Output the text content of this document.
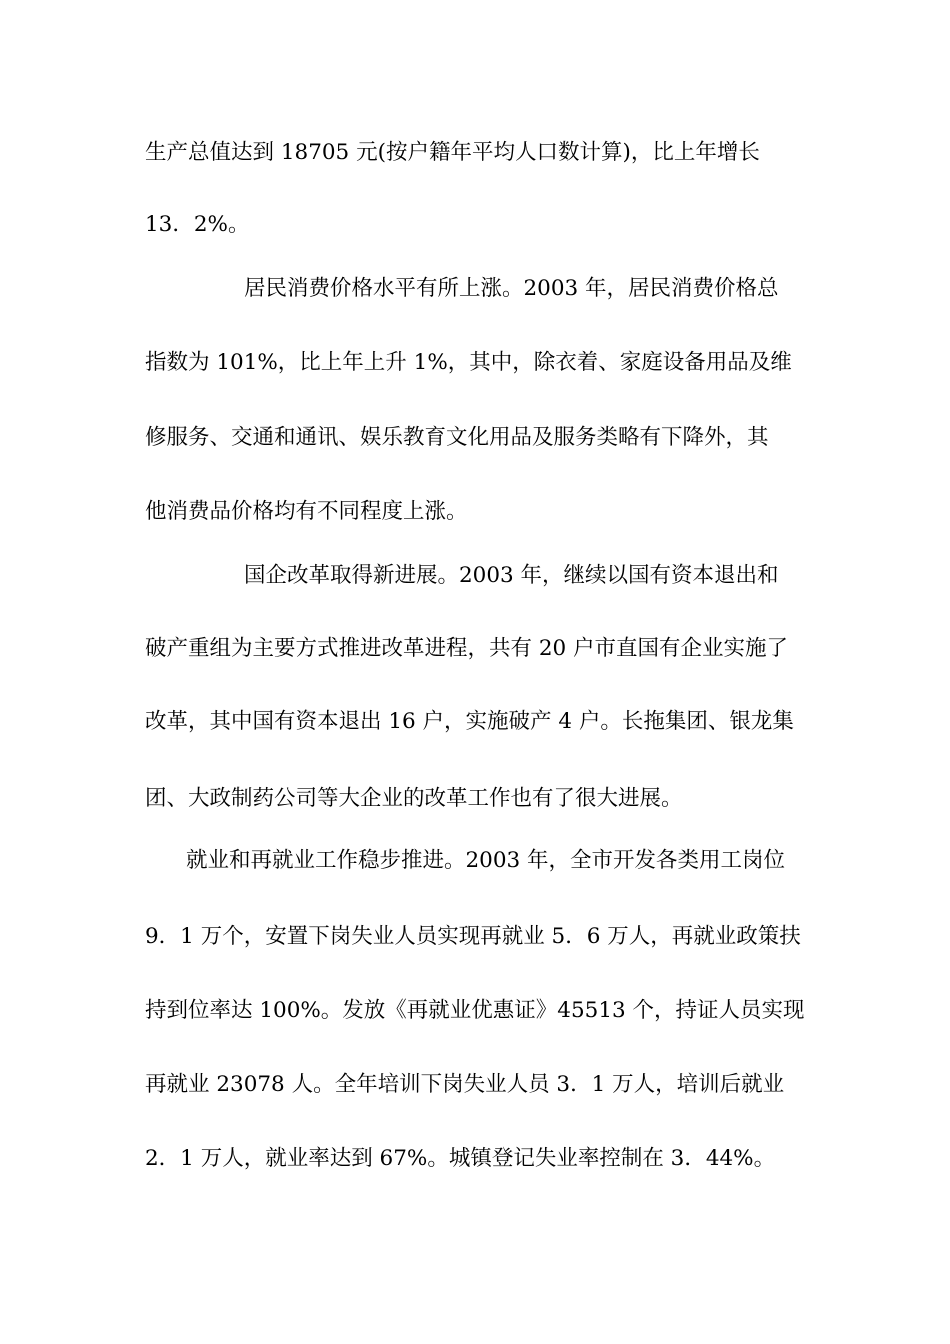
生产总值达到 18705 元(按户籍年平均人口数计算)，比上年增长
13．2%。
居民消费价格水平有所上涨。2003 年，居民消费价格总
指数为 101%，比上年上升 1%，其中，除衣着、家庭设备用品及维
修服务、交通和通讯、娱乐教育文化用品及服务类略有下降外，其
他消费品价格均有不同程度上涨。
国企改革取得新进展。2003 年，继续以国有资本退出和
破产重组为主要方式推进改革进程，共有 20 户市直国有企业实施了
改革，其中国有资本退出 16 户，实施破产 4 户。长拖集团、银龙集
团、大政制药公司等大企业的改革工作也有了很大进展。
就业和再就业工作稳步推进。2003 年，全市开发各类用工岗位
9．1 万个，安置下岗失业人员实现再就业 5．6 万人，再就业政策扶
持到位率达 100%。发放《再就业优惠证》45513 个，持证人员实现
再就业 23078 人。全年培训下岗失业人员 3．1 万人，培训后就业
2．1 万人，就业率达到 67%。城镇登记失业率控制在 3．44%。
